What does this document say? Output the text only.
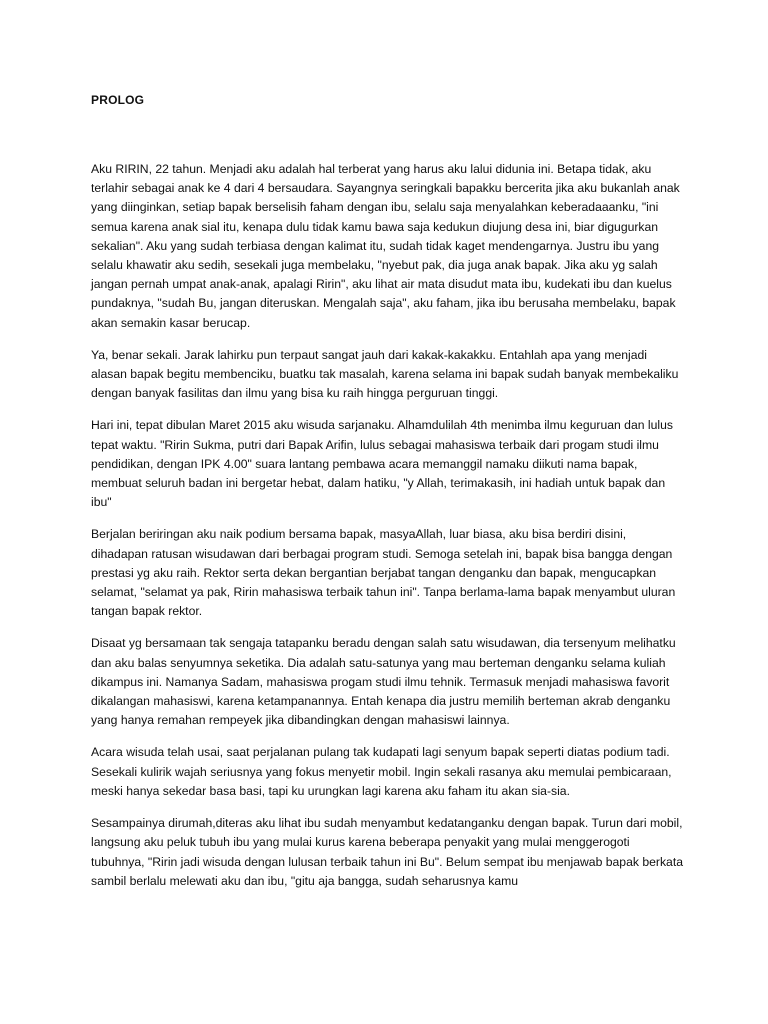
PROLOG

Aku RIRIN, 22 tahun. Menjadi aku adalah hal terberat yang harus aku lalui didunia ini. Betapa tidak, aku terlahir sebagai anak ke 4 dari 4 bersaudara. Sayangnya seringkali bapakku bercerita jika aku bukanlah anak yang diinginkan, setiap bapak berselisih faham dengan ibu, selalu saja menyalahkan keberadaaanku, "ini semua karena anak sial itu, kenapa dulu tidak kamu bawa saja kedukun diujung desa ini, biar digugurkan sekalian". Aku yang sudah terbiasa dengan kalimat itu, sudah tidak kaget mendengarnya. Justru ibu yang selalu khawatir aku sedih, sesekali juga membelaku, "nyebut pak, dia juga anak bapak. Jika aku yg salah jangan pernah umpat anak-anak, apalagi Ririn", aku lihat air mata disudut mata ibu, kudekati ibu dan kuelus pundaknya, "sudah Bu, jangan diteruskan. Mengalah saja", aku faham, jika ibu berusaha membelaku, bapak akan semakin kasar berucap.

Ya, benar sekali. Jarak lahirku pun terpaut sangat jauh dari kakak-kakakku. Entahlah apa yang menjadi alasan bapak begitu membenciku, buatku tak masalah, karena selama ini bapak sudah banyak membekaliku dengan banyak fasilitas dan ilmu yang bisa ku raih hingga perguruan tinggi.

Hari ini, tepat dibulan Maret 2015 aku wisuda sarjanaku. Alhamdulilah 4th menimba ilmu keguruan dan lulus tepat waktu. "Ririn Sukma, putri dari Bapak Arifin, lulus sebagai mahasiswa terbaik dari progam studi ilmu pendidikan, dengan IPK 4.00" suara lantang pembawa acara memanggil namaku diikuti nama bapak, membuat seluruh badan ini bergetar hebat, dalam hatiku, "y Allah, terimakasih, ini hadiah untuk bapak dan ibu"

Berjalan beriringan aku naik podium bersama bapak, masyaAllah, luar biasa, aku bisa berdiri disini, dihadapan ratusan wisudawan dari berbagai program studi. Semoga setelah ini, bapak bisa bangga dengan prestasi yg aku raih. Rektor serta dekan bergantian berjabat tangan denganku dan bapak, mengucapkan selamat, "selamat ya pak, Ririn mahasiswa terbaik tahun ini". Tanpa berlama-lama bapak menyambut uluran tangan bapak rektor.

Disaat yg bersamaan tak sengaja tatapanku beradu dengan salah satu wisudawan, dia tersenyum melihatku dan aku balas senyumnya seketika. Dia adalah satu-satunya yang mau berteman denganku selama kuliah dikampus ini. Namanya Sadam, mahasiswa progam studi ilmu tehnik. Termasuk menjadi mahasiswa favorit dikalangan mahasiswi, karena ketampanannya. Entah kenapa dia justru memilih berteman akrab denganku yang hanya remahan rempeyek jika dibandingkan dengan mahasiswi lainnya.

Acara wisuda telah usai, saat perjalanan pulang tak kudapati lagi senyum bapak seperti diatas podium tadi. Sesekali kulirik wajah seriusnya yang fokus menyetir mobil. Ingin sekali rasanya aku memulai pembicaraan, meski hanya sekedar basa basi, tapi ku urungkan lagi karena aku faham itu akan sia-sia.

Sesampainya dirumah,diteras aku lihat ibu sudah menyambut kedatanganku dengan bapak. Turun dari mobil, langsung aku peluk tubuh ibu yang mulai kurus karena beberapa penyakit yang mulai menggerogoti tubuhnya, "Ririn jadi wisuda dengan lulusan terbaik tahun ini Bu". Belum sempat ibu menjawab bapak berkata sambil berlalu melewati aku dan ibu, "gitu aja bangga, sudah seharusnya kamu
